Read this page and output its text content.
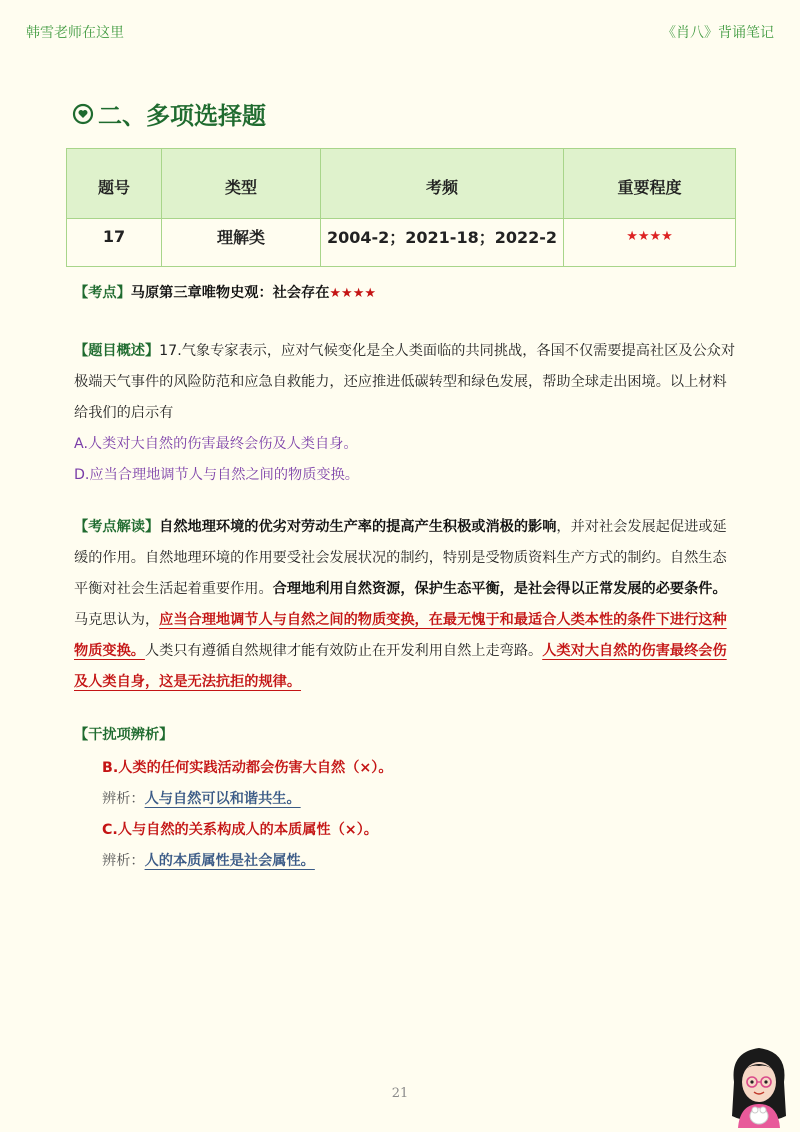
韩雪老师在这里	《肖八》背诵笔记
二、多项选择题
题号	类型	考频	重要程度
17	理解类	2004-2；2021-18；2022-2	★★★★
【考点】马原第三章唯物史观：社会存在★★★★
【题目概述】17.气象专家表示，应对气候变化是全人类面临的共同挑战，各国不仅需要提高社区及公众对
极端天气事件的风险防范和应急自救能力，还应推进低碳转型和绿色发展，帮助全球走出困境。以上材料
给我们的启示有
A.人类对大自然的伤害最终会伤及人类自身。
D.应当合理地调节人与自然之间的物质变换。
【考点解读】自然地理环境的优劣对劳动生产率的提高产生积极或消极的影响，并对社会发展起促进或延
缓的作用。自然地理环境的作用要受社会发展状况的制约，特别是受物质资料生产方式的制约。自然生态
平衡对社会生活起着重要作用。合理地利用自然资源，保护生态平衡，是社会得以正常发展的必要条件。
马克思认为，应当合理地调节人与自然之间的物质变换，在最无愧于和最适合人类本性的条件下进行这种
物质变换。人类只有遵循自然规律才能有效防止在开发利用自然上走弯路。人类对大自然的伤害最终会伤
及人类自身，这是无法抗拒的规律。
【干扰项辨析】
B.人类的任何实践活动都会伤害大自然（×）。
辨析：人与自然可以和谐共生。
C.人与自然的关系构成人的本质属性（×）。
辨析：人的本质属性是社会属性。
21
